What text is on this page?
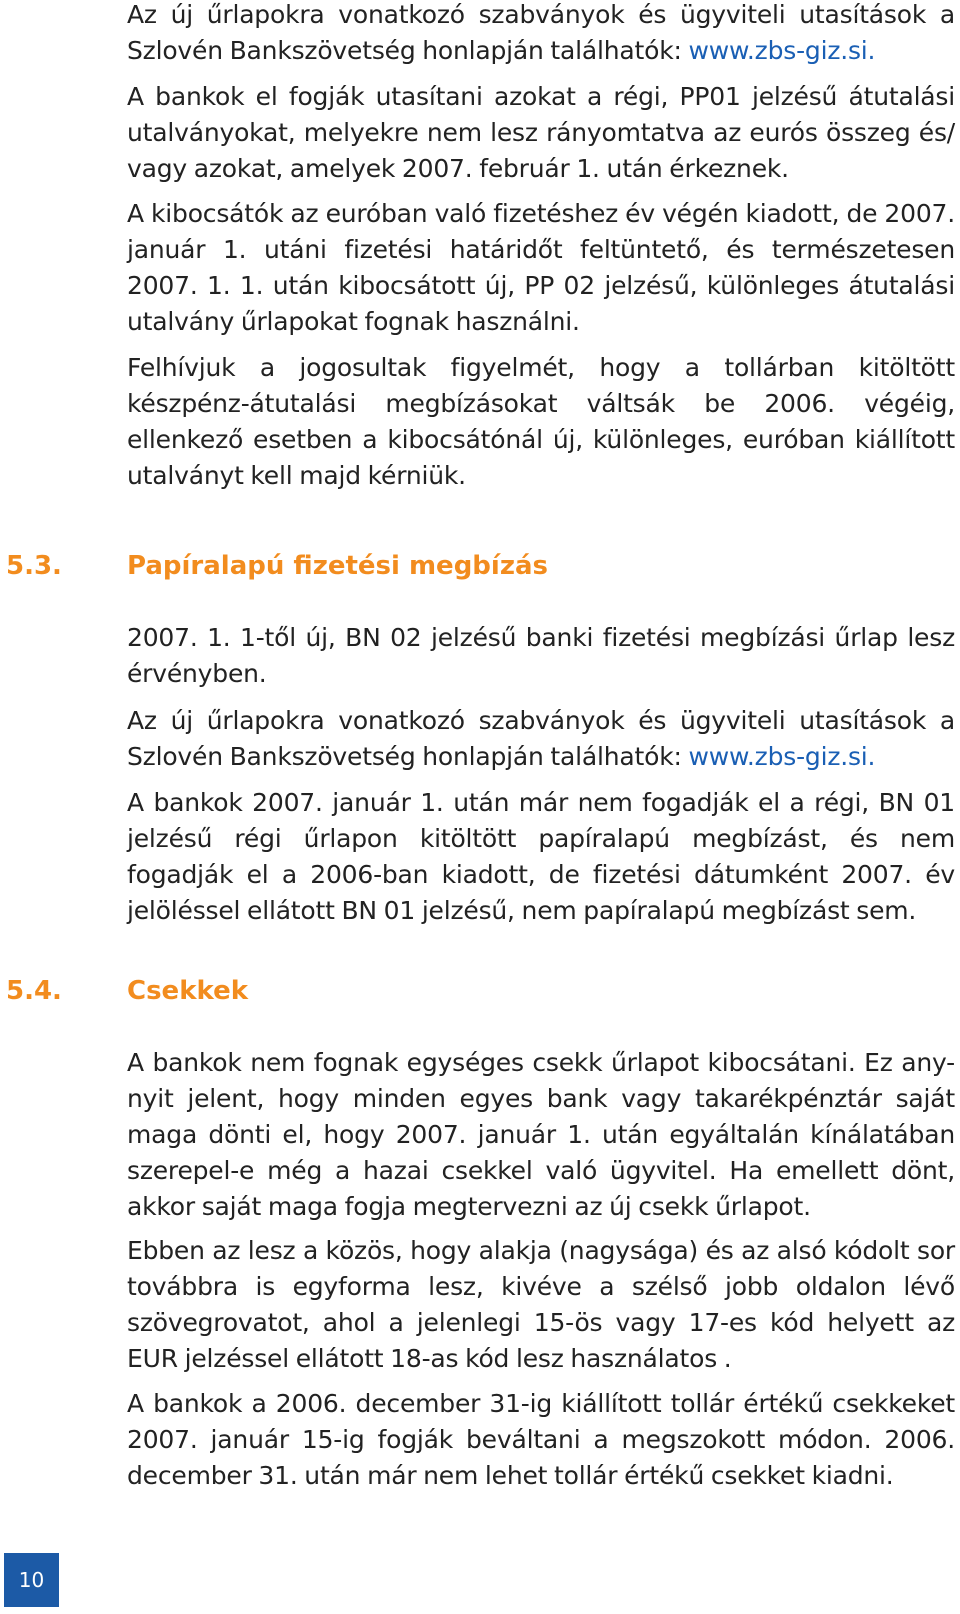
Az új űrlapokra vonatkozó szabványok és ügyviteli utasítások a Szlovén Bankszövetség honlapján találhatók: www.zbs-giz.si.

A bankok el fogják utasítani azokat a régi, PP01 jelzésű átutalási utalványokat, melyekre nem lesz rányomtatva az eurós összeg és/ vagy azokat, amelyek 2007. február 1. után érkeznek.

A kibocsátók az euróban való fizetéshez év végén kiadott, de 2007. január 1. utáni fizetési határidőt feltüntető, és természetesen 2007. 1. 1. után kibocsátott új, PP 02 jelzésű, különleges átutalási utalvány űrlapokat fognak használni.

Felhívjuk a jogosultak figyelmét, hogy a tollárban kitöltött készpénz-átutalási megbízásokat váltsák be 2006. végéig, ellenkező esetben a kibocsátónál új, különleges, euróban kiállított utalványt kell majd kérniük.

5.3.	Papíralapú fizetési megbízás

2007. 1. 1-től új, BN 02 jelzésű banki fizetési megbízási űrlap lesz érvényben.

Az új űrlapokra vonatkozó szabványok és ügyviteli utasítások a Szlovén Bankszövetség honlapján találhatók: www.zbs-giz.si.

A bankok 2007. január 1. után már nem fogadják el a régi, BN 01 jelzésű régi űrlapon kitöltött papíralapú megbízást, és nem fogadják el a 2006-ban kiadott, de fizetési dátumként 2007. év jelöléssel ellátott BN 01 jelzésű, nem papíralapú megbízást sem.

5.4.	Csekkek

A bankok nem fognak egységes csekk űrlapot kibocsátani. Ez any-nyit jelent, hogy minden egyes bank vagy takarékpénztár saját maga dönti el, hogy 2007. január 1. után egyáltalán kínálatában szerepel-e még a hazai csekkel való ügyvitel. Ha emellett dönt, akkor saját maga fogja megtervezni az új csekk űrlapot.

Ebben az lesz a közös, hogy alakja (nagysága) és az alsó kódolt sor továbbra is egyforma lesz, kivéve a szélső jobb oldalon lévő szövegrovatot, ahol a jelenlegi 15-ös vagy 17-es kód helyett az EUR jelzéssel ellátott 18-as kód lesz használatos .

A bankok a 2006. december 31-ig kiállított tollár értékű csekkeket 2007. január 15-ig fogják beváltani a megszokott módon. 2006. december 31. után már nem lehet tollár értékű csekket kiadni.

10
